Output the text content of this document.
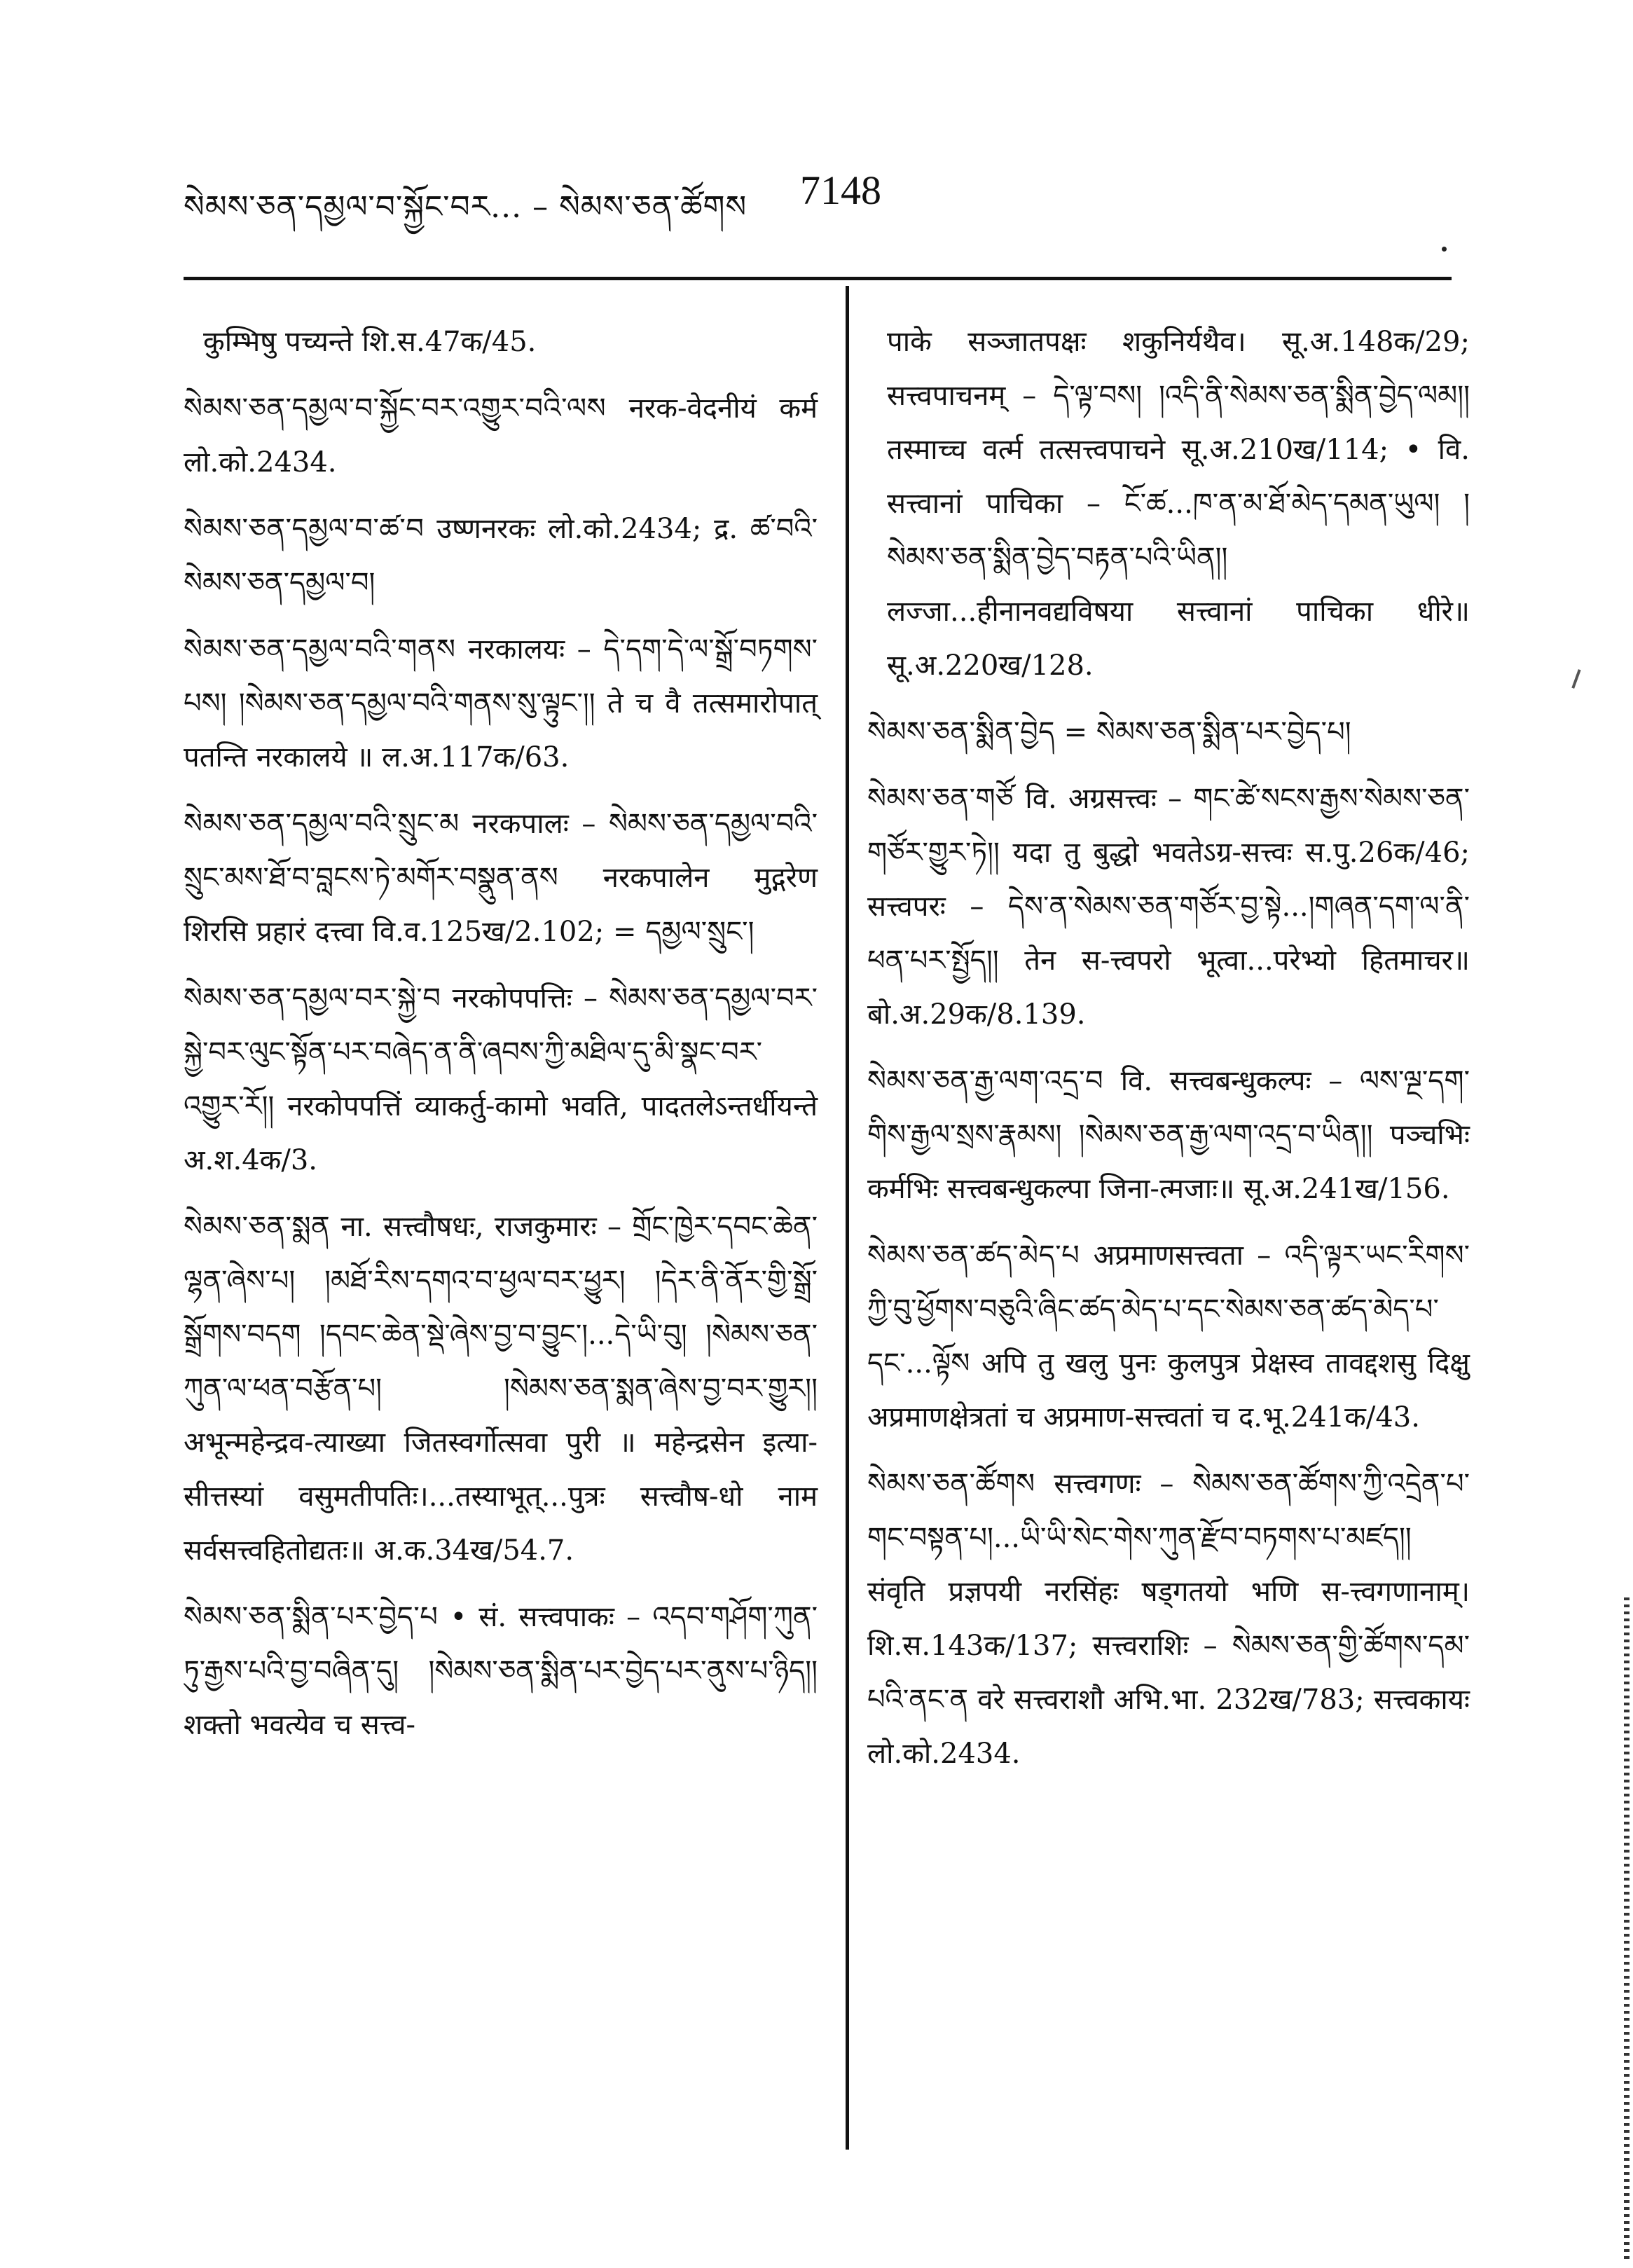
སེམས་ཅན་དམྱལ་བ་སྐྱོང་བར... – སེམས་ཅན་ཚོགས 7148
कुम्भिषु पच्यन्ते शि.स.47क/45.
སེམས་ཅན་དམྱལ་བ་སྐྱོང་བར་འགྱུར་བའི་ལས नरक-वेदनीयं कर्म लो.को.2434.
སེམས་ཅན་དམྱལ་བ་ཚ་བ उष्णनरकः लो.को.2434; द्र. ཚ་བའི་སེམས་ཅན་དམྱལ་བ།
སེམས་ཅན་དམྱལ་བའི་གནས नरकालयः – དེ་དག་དེ་ལ་སྒྲོ་བཏགས་པས། །སེམས་ཅན་དམྱལ་བའི་གནས་སུ་ལྟུང་།། ते च वै तत्समारोपात् पतन्ति नरकालये ॥ ल.अ.117क/63.
སེམས་ཅན་དམྱལ་བའི་སྲུང་མ नरकपालः – སེམས་ཅན་དམྱལ་བའི་སྲུང་མས་ཐོ་བ་བླངས་ཏེ་མགོར་བསྣུན་ནས नरकपालेन मुद्गरेण शिरसि प्रहारं दत्त्वा वि.व.125ख/2.102; = དམྱལ་སྲུང་།
སེམས་ཅན་དམྱལ་བར་སྐྱེ་བ नरकोपपत्तिः – སེམས་ཅན་དམྱལ་བར་སྐྱེ་བར་ལུང་སྟོན་པར་བཞེད་ན་ནི་ཞབས་ཀྱི་མཐིལ་དུ་མི་སྣང་བར་འགྱུར་རོ།། नरकोपपत्तिं व्याकर्तु-कामो भवति, पादतलेऽन्तर्धीयन्ते अ.श.4क/3.
སེམས་ཅན་སྨན ना. सत्त्वौषधः, राजकुमारः – གྲོང་ཁྱེར་དབང་ཆེན་ལྷན་ཞེས་པ། །མཐོ་རིས་དགའ་བ་ཕྱལ་བར་ཕྱུར། །དེར་ནི་ནོར་གྱི་སྒྲོ་སྒྲོགས་བདག །དབང་ཆེན་སྡེ་ཞེས་བྱ་བ་བྱུང་།...དེ་ཡི་བུ། །སེམས་ཅན་ཀུན་ལ་ཕན་བརྩོན་པ། །སེམས་ཅན་སྨན་ཞེས་བྱ་བར་གྱུར།། अभून्महेन्द्रव-त्याख्या जितस्वर्गोत्सवा पुरी ॥ महेन्द्रसेन इत्या-सीत्तस्यां वसुमतीपतिः।...तस्याभूत्...पुत्रः सत्त्वौष-धो नाम सर्वसत्त्वहितोद्यतः॥ अ.क.34ख/54.7.
སེམས་ཅན་སྨིན་པར་བྱེད་པ • सं. सत्त्वपाकः – འདབ་གཤོག་ཀུན་ཏུ་རྒྱས་པའི་བྱ་བཞིན་དུ། །སེམས་ཅན་སྨིན་པར་བྱེད་པར་ནུས་པ་ཉིད།། शक्तो भवत्येव च सत्त्व-
पाके सञ्जातपक्षः शकुनिर्यथैव। सू.अ.148क/29; सत्त्वपाचनम् – དེ་ལྟ་བས། །འདི་ནི་སེམས་ཅན་སྨིན་བྱེད་ལམ།། तस्माच्च वर्त्म तत्सत्त्वपाचने सू.अ.210ख/114; • वि. सत्त्वानां पाचिका – ངོ་ཚ...ཁ་ན་མ་ཐོ་མེད་དམན་ཡུལ། །སེམས་ཅན་སྨིན་བྱེད་བརྟན་པའི་ཡིན།། लज्जा...हीनानवद्यविषया सत्त्वानां पाचिका धीरे॥ सू.अ.220ख/128.
སེམས་ཅན་སྨིན་བྱེད = སེམས་ཅན་སྨིན་པར་བྱེད་པ།
སེམས་ཅན་གཙོ वि. अग्रसत्त्वः – གང་ཚེ་སངས་རྒྱས་སེམས་ཅན་གཙོར་གྱུར་ཏེ།། यदा तु बुद्धो भवतेऽग्र-सत्त्वः स.पु.26क/46; सत्त्वपरः – དེས་ན་སེམས་ཅན་གཙོར་བྱ་སྟེ...།གཞན་དག་ལ་ནི་ཕན་པར་སྤྱོད།། तेन स-त्त्वपरो भूत्वा...परेभ्यो हितमाचर॥ बो.अ.29क/8.139.
སེམས་ཅན་རྒྱ་ལག་འདྲ་བ वि. सत्त्वबन्धुकल्पः – ལས་ལྔ་དག་གིས་རྒྱལ་སྲས་རྣམས། །སེམས་ཅན་རྒྱ་ལག་འདྲ་བ་ཡིན།། पञ्चभिः कर्मभिः सत्त्वबन्धुकल्पा जिना-त्मजाः॥ सू.अ.241ख/156.
སེམས་ཅན་ཚད་མེད་པ अप्रमाणसत्त्वता – འདི་ལྟར་ཡང་རིགས་ཀྱི་བུ་ཕྱོགས་བཅུའི་ཞིང་ཚད་མེད་པ་དང་སེམས་ཅན་ཚད་མེད་པ་དང་...ལྟོས अपि तु खलु पुनः कुलपुत्र प्रेक्षस्व तावद्दशसु दिक्षु अप्रमाणक्षेत्रतां च अप्रमाण-सत्त्वतां च द.भू.241क/43.
སེམས་ཅན་ཚོགས सत्त्वगणः – སེམས་ཅན་ཚོགས་ཀྱི་འདྲེན་པ་གང་བསྟན་པ།...ཡི་ཡི་སེང་གེས་ཀུན་རྫོབ་བཏགས་པ་མཛད།། संवृति प्रज्ञपयी नरसिंहः षड्गतयो भणि स-त्त्वगणानाम्। शि.स.143क/137; सत्त्वराशिः – སེམས་ཅན་གྱི་ཚོགས་དམ་པའི་ནང་ན वरे सत्त्वराशौ अभि.भा. 232ख/783; सत्त्वकायः लो.को.2434.
